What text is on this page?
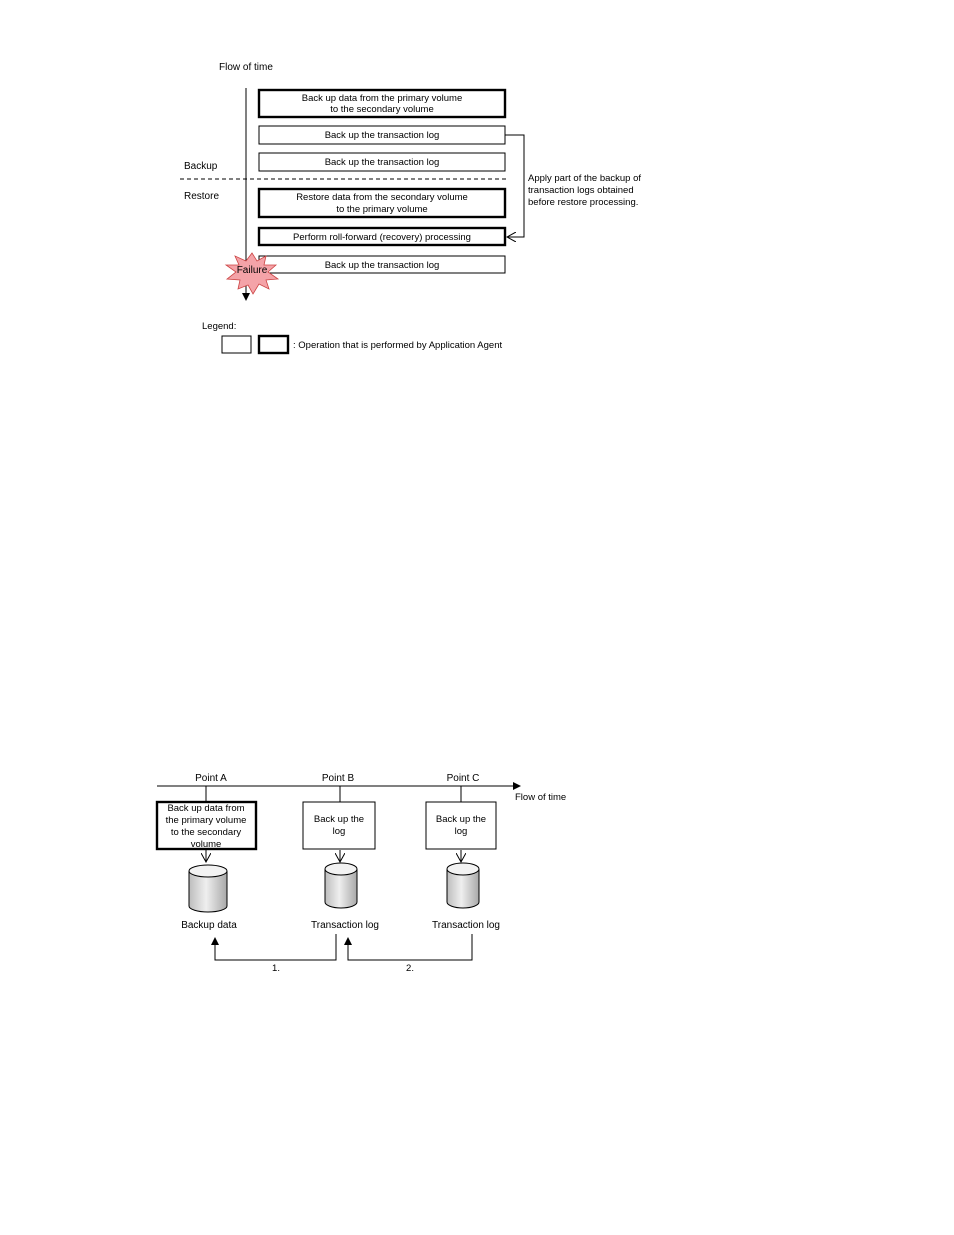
Flow of time
Backup
Restore
Back up data from the primary volume
to the secondary volume
Back up the transaction log
Back up the transaction log
Restore data from the secondary volume
to the primary volume
Perform roll-forward (recovery) processing
Back up the transaction log
Failure
Apply part of the backup of
transaction logs obtained
before restore processing.
Legend:
: Operation that is performed by Application Agent
Flow of time
Point A	Point B	Point C
Back up data from
the primary volume
to the secondary
volume
Back up the
log
Back up the
log
Backup data	Transaction log	Transaction log
1.	2.
